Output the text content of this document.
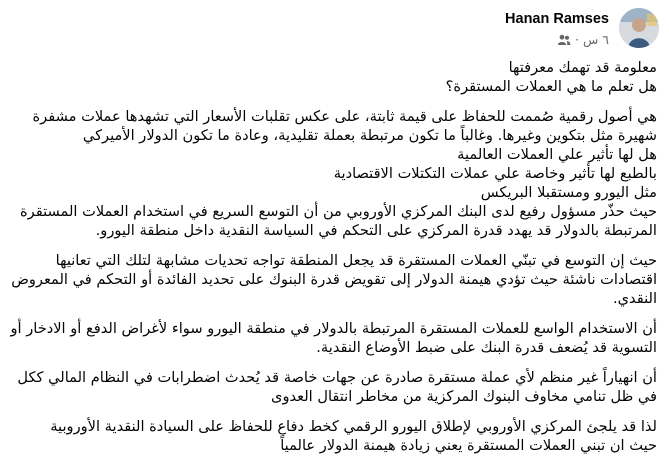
Hanan Ramses
٦ س
·

معلومة قد تهمك معرفتها

هل تعلم ما هي العملات المستقرة؟

هي أصول رقمية صُممت للحفاظ على قيمة ثابتة، على عكس تقلبات الأسعار التي تشهدها عملات مشفرة شهيرة مثل بتكوين وغيرها. وغالباً ما تكون مرتبطة بعملة تقليدية، وعادة ما تكون الدولار الأميركي

هل لها تأثير علي العملات العالمية

بالطبع لها تأثير وخاصة علي عملات التكتلات الاقتصادية

مثل اليورو ومستقبلا البريكس

حيث حذّر مسؤول رفيع لدى البنك المركزي الأوروبي من أن التوسع السريع في استخدام العملات المستقرة المرتبطة بالدولار قد يهدد قدرة المركزي على التحكم في السياسة النقدية داخل منطقة اليورو.

حيث إن التوسع في تبنّي العملات المستقرة قد يجعل المنطقة تواجه تحديات مشابهة لتلك التي تعانيها اقتصادات ناشئة حيث تؤدي هيمنة الدولار إلى تقويض قدرة البنوك على تحديد الفائدة أو التحكم في المعروض النقدي.

أن الاستخدام الواسع للعملات المستقرة المرتبطة بالدولار في منطقة اليورو سواء لأغراض الدفع أو الادخار أو التسوية قد يُضعف قدرة البنك على ضبط الأوضاع النقدية.

أن انهياراً غير منظم لأي عملة مستقرة صادرة عن جهات خاصة قد يُحدث اضطرابات في النظام المالي ككل في ظل تنامي مخاوف البنوك المركزية من مخاطر انتقال العدوى

لذا قد يلجئ المركزي الأوروبي لإطلاق اليورو الرقمي كخط دفاع للحفاظ على السيادة النقدية الأوروبية

حيث ان تبني العملات المستقرة يعني زيادة هيمنة الدولار عالمياً
